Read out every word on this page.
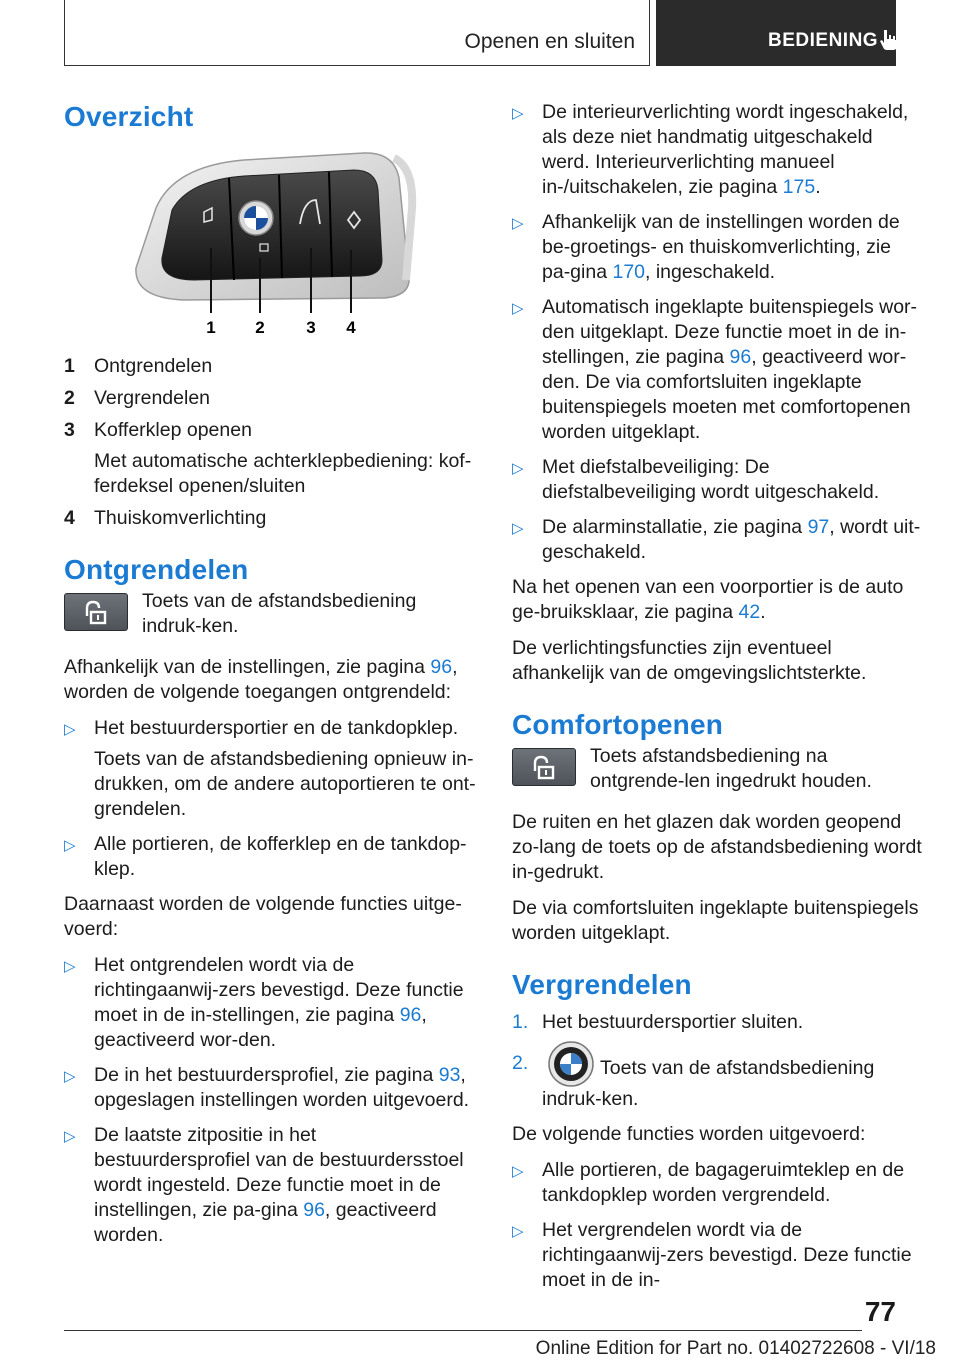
Openen en sluiten	BEDIENING
Overzicht
1 2 3 4
1 Ontgrendelen
2 Vergrendelen
3 Kofferklep openen
Met automatische achterklepbediening: kof-ferdeksel openen/sluiten
4 Thuiskomverlichting
Ontgrendelen
Toets van de afstandsbediening indruk-ken.

Afhankelijk van de instellingen, zie pagina 96, worden de volgende toegangen ontgrendeld:

▷ Het bestuurdersportier en de tankdopklep.
Toets van de afstandsbediening opnieuw in-drukken, om de andere autoportieren te ont-grendelen.
▷ Alle portieren, de kofferklep en de tankdop-klep.

Daarnaast worden de volgende functies uitge-voerd:

▷ Het ontgrendelen wordt via de richtingaanwij-zers bevestigd. Deze functie moet in de in-stellingen, zie pagina 96, geactiveerd wor-den.
▷ De in het bestuurdersprofiel, zie pagina 93, opgeslagen instellingen worden uitgevoerd.
▷ De laatste zitpositie in het bestuurdersprofiel van de bestuurdersstoel wordt ingesteld. Deze functie moet in de instellingen, zie pa-gina 96, geactiveerd worden.
▷ De interieurverlichting wordt ingeschakeld, als deze niet handmatig uitgeschakeld werd. Interieurverlichting manueel in-/uitschakelen, zie pagina 175.
▷ Afhankelijk van de instellingen worden de be-groetings- en thuiskomverlichting, zie pa-gina 170, ingeschakeld.
▷ Automatisch ingeklapte buitenspiegels wor-den uitgeklapt. Deze functie moet in de in-stellingen, zie pagina 96, geactiveerd wor-den. De via comfortsluiten ingeklapte buitenspiegels moeten met comfortopenen worden uitgeklapt.
▷ Met diefstalbeveiliging: De diefstalbeveiliging wordt uitgeschakeld.
▷ De alarminstallatie, zie pagina 97, wordt uit-geschakeld.

Na het openen van een voorportier is de auto ge-bruiksklaar, zie pagina 42.

De verlichtingsfuncties zijn eventueel afhankelijk van de omgevingslichtsterkte.

Comfortopenen
Toets afstandsbediening na ontgrende-len ingedrukt houden.

De ruiten en het glazen dak worden geopend zo-lang de toets op de afstandsbediening wordt in-gedrukt.

De via comfortsluiten ingeklapte buitenspiegels worden uitgeklapt.

Vergrendelen
1. Het bestuurdersportier sluiten.
2.	Toets van de afstandsbediening indruk-ken.

De volgende functies worden uitgevoerd:

▷ Alle portieren, de bagageruimteklep en de tankdopklep worden vergrendeld.
▷ Het vergrendelen wordt via de richtingaanwij-zers bevestigd. Deze functie moet in de in-
77
Online Edition for Part no. 01402722608 - VI/18
